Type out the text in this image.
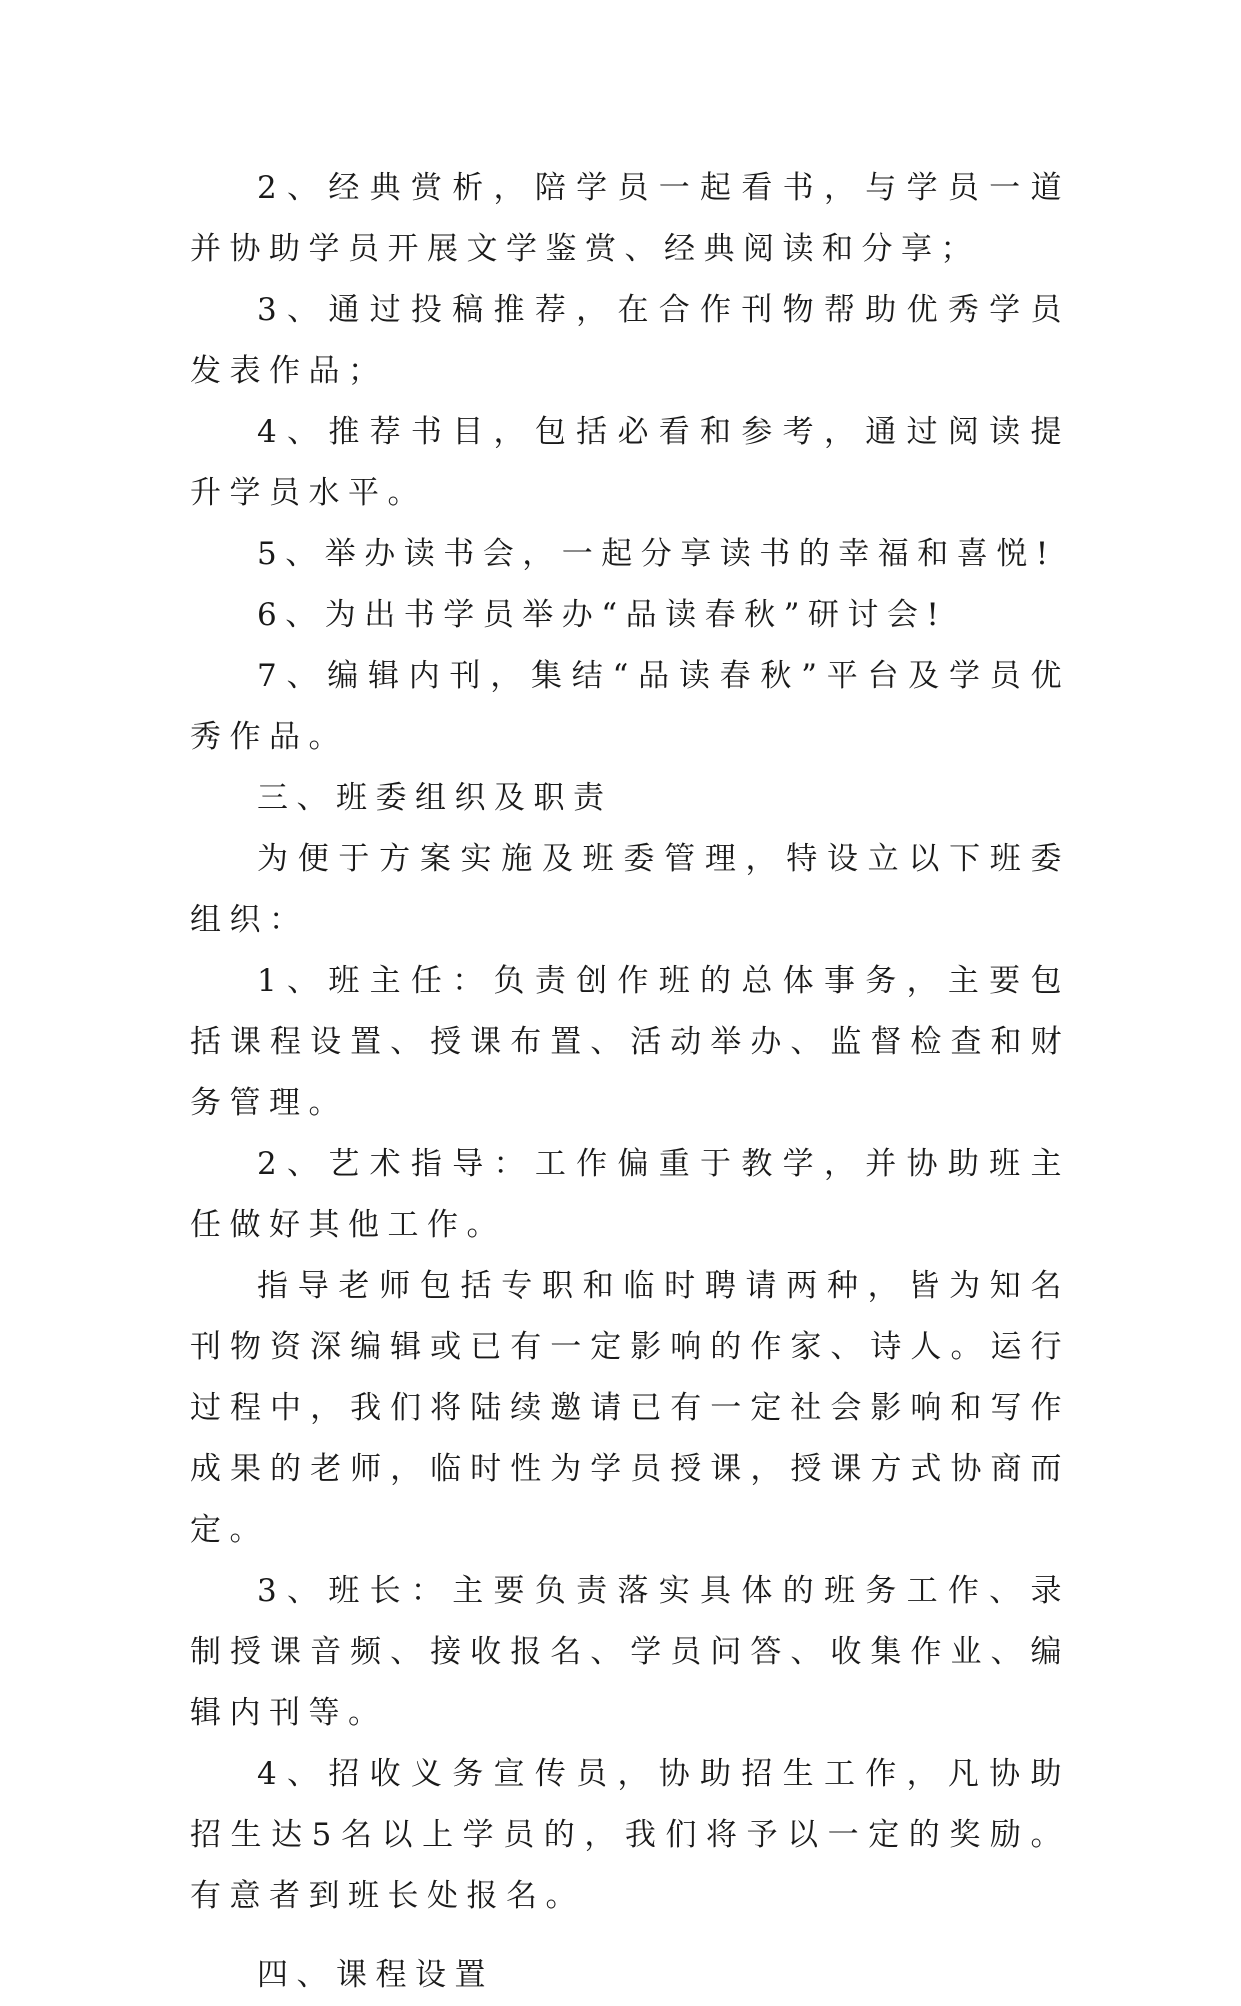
2、经典赏析，陪学员一起看书，与学员一道并协助学员开展文学鉴赏、经典阅读和分享；

3、通过投稿推荐，在合作刊物帮助优秀学员发表作品；

4、推荐书目，包括必看和参考，通过阅读提升学员水平。

5、举办读书会，一起分享读书的幸福和喜悦!

6、为出书学员举办“品读春秋”研讨会!

7、编辑内刊，集结“品读春秋”平台及学员优秀作品。

三、班委组织及职责

为便于方案实施及班委管理，特设立以下班委组织：

1、班主任：负责创作班的总体事务，主要包括课程设置、授课布置、活动举办、监督检查和财务管理。

2、艺术指导：工作偏重于教学，并协助班主任做好其他工作。

指导老师包括专职和临时聘请两种，皆为知名刊物资深编辑或已有一定影响的作家、诗人。运行过程中，我们将陆续邀请已有一定社会影响和写作成果的老师，临时性为学员授课，授课方式协商而定。

3、班长：主要负责落实具体的班务工作、录制授课音频、接收报名、学员问答、收集作业、编辑内刊等。

4、招收义务宣传员，协助招生工作，凡协助招生达5名以上学员的，我们将予以一定的奖励。有意者到班长处报名。

四、课程设置
